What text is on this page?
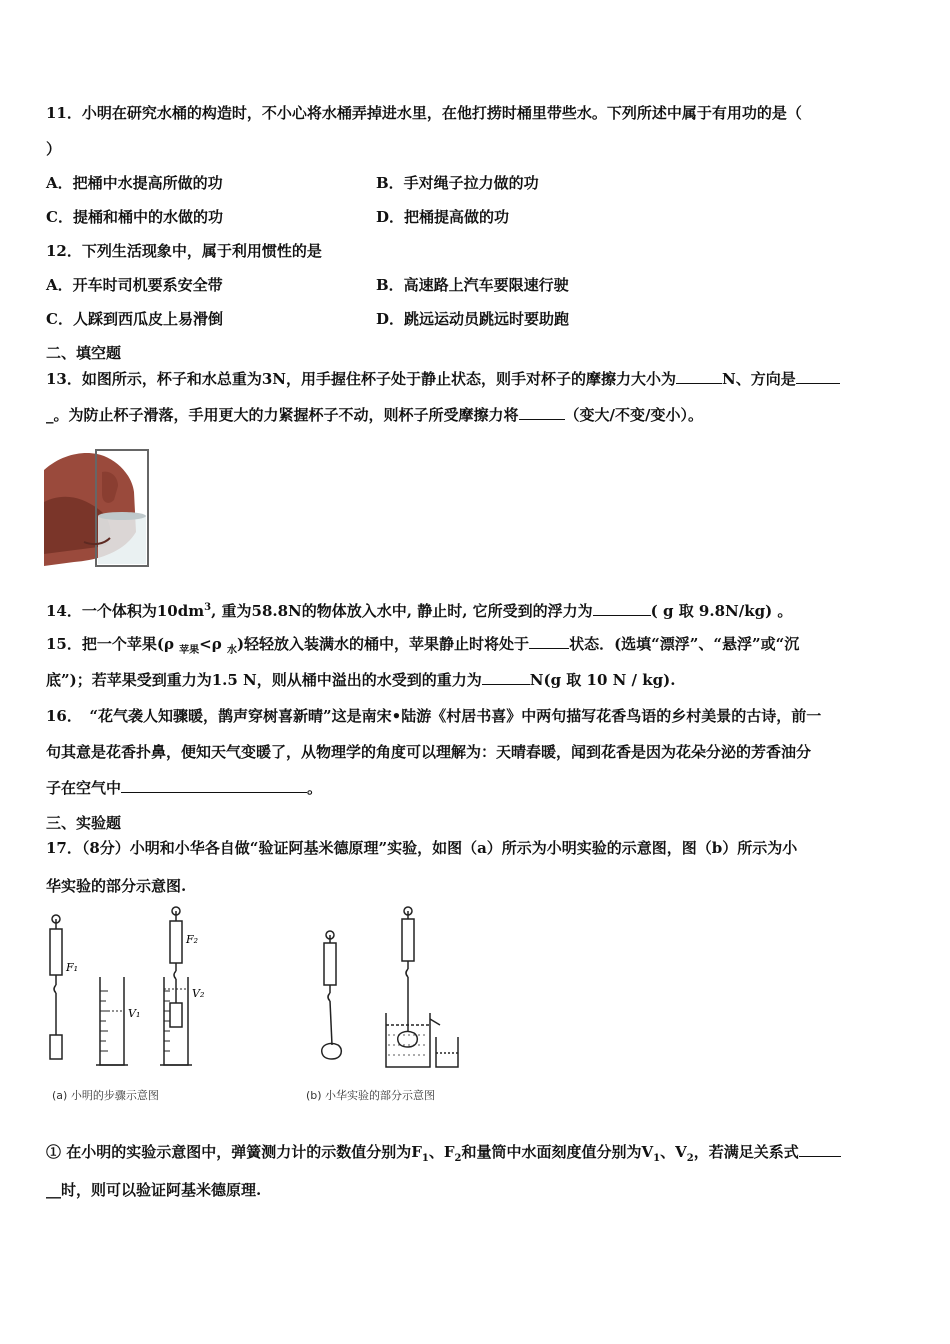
11．小明在研究水桶的构造时，不小心将水桶弄掉进水里，在他打捞时桶里带些水。下列所述中属于有用功的是（
）
A．把桶中水提高所做的功	B．手对绳子拉力做的功
C．提桶和桶中的水做的功	D．把桶提高做的功
12．下列生活现象中，属于利用惯性的是
A．开车时司机要系安全带	B．高速路上汽车要限速行驶
C．人踩到西瓜皮上易滑倒	D．跳远运动员跳远时要助跑
二、填空题
13．如图所示，杯子和水总重为3N，用手握住杯子处于静止状态，则手对杯子的摩擦力大小为	N、方向是
_。为防止杯子滑落，手用更大的力紧握杯子不动，则杯子所受摩擦力将	（变大/不变/变小）。
14．一个体积为$10dm^3$, 重为58.8N的物体放入水中, 静止时, 它所受到的浮力为	( g 取 9.8N/kg) 。
15．把一个苹果(ρ $_{苹果}$<ρ $_水$)轻轻放入装满水的桶中，苹果静止时将处于	状态．(选填“漂浮”、“悬浮”或“沉
底”)；若苹果受到重力为1.5 N，则从桶中溢出的水受到的重力为	N(g 取 10 N / kg).
16．　“花气袭人知骤暖，鹊声穿树喜新晴”这是南宋•陆游《村居书喜》中两句描写花香鸟语的乡村美景的古诗，前一
句其意是花香扑鼻，便知天气变暖了，从物理学的角度可以理解为：天晴春暖，闻到花香是因为花朵分泌的芳香油分
子在空气中	。
三、实验题
17．（8分）小明和小华各自做“验证阿基米德原理”实验，如图（a）所示为小明实验的示意图，图（b）所示为小
华实验的部分示意图.
F₁
V₁
F₂
V₂
(a) 小明的步骤示意图	(b) 小华实验的部分示意图
① 在小明的实验示意图中，弹簧测力计的示数值分别为$F_1$、$F_2$和量筒中水面刻度值分别为$V_1$、$V_2$，若满足关系式
__时，则可以验证阿基米德原理.
